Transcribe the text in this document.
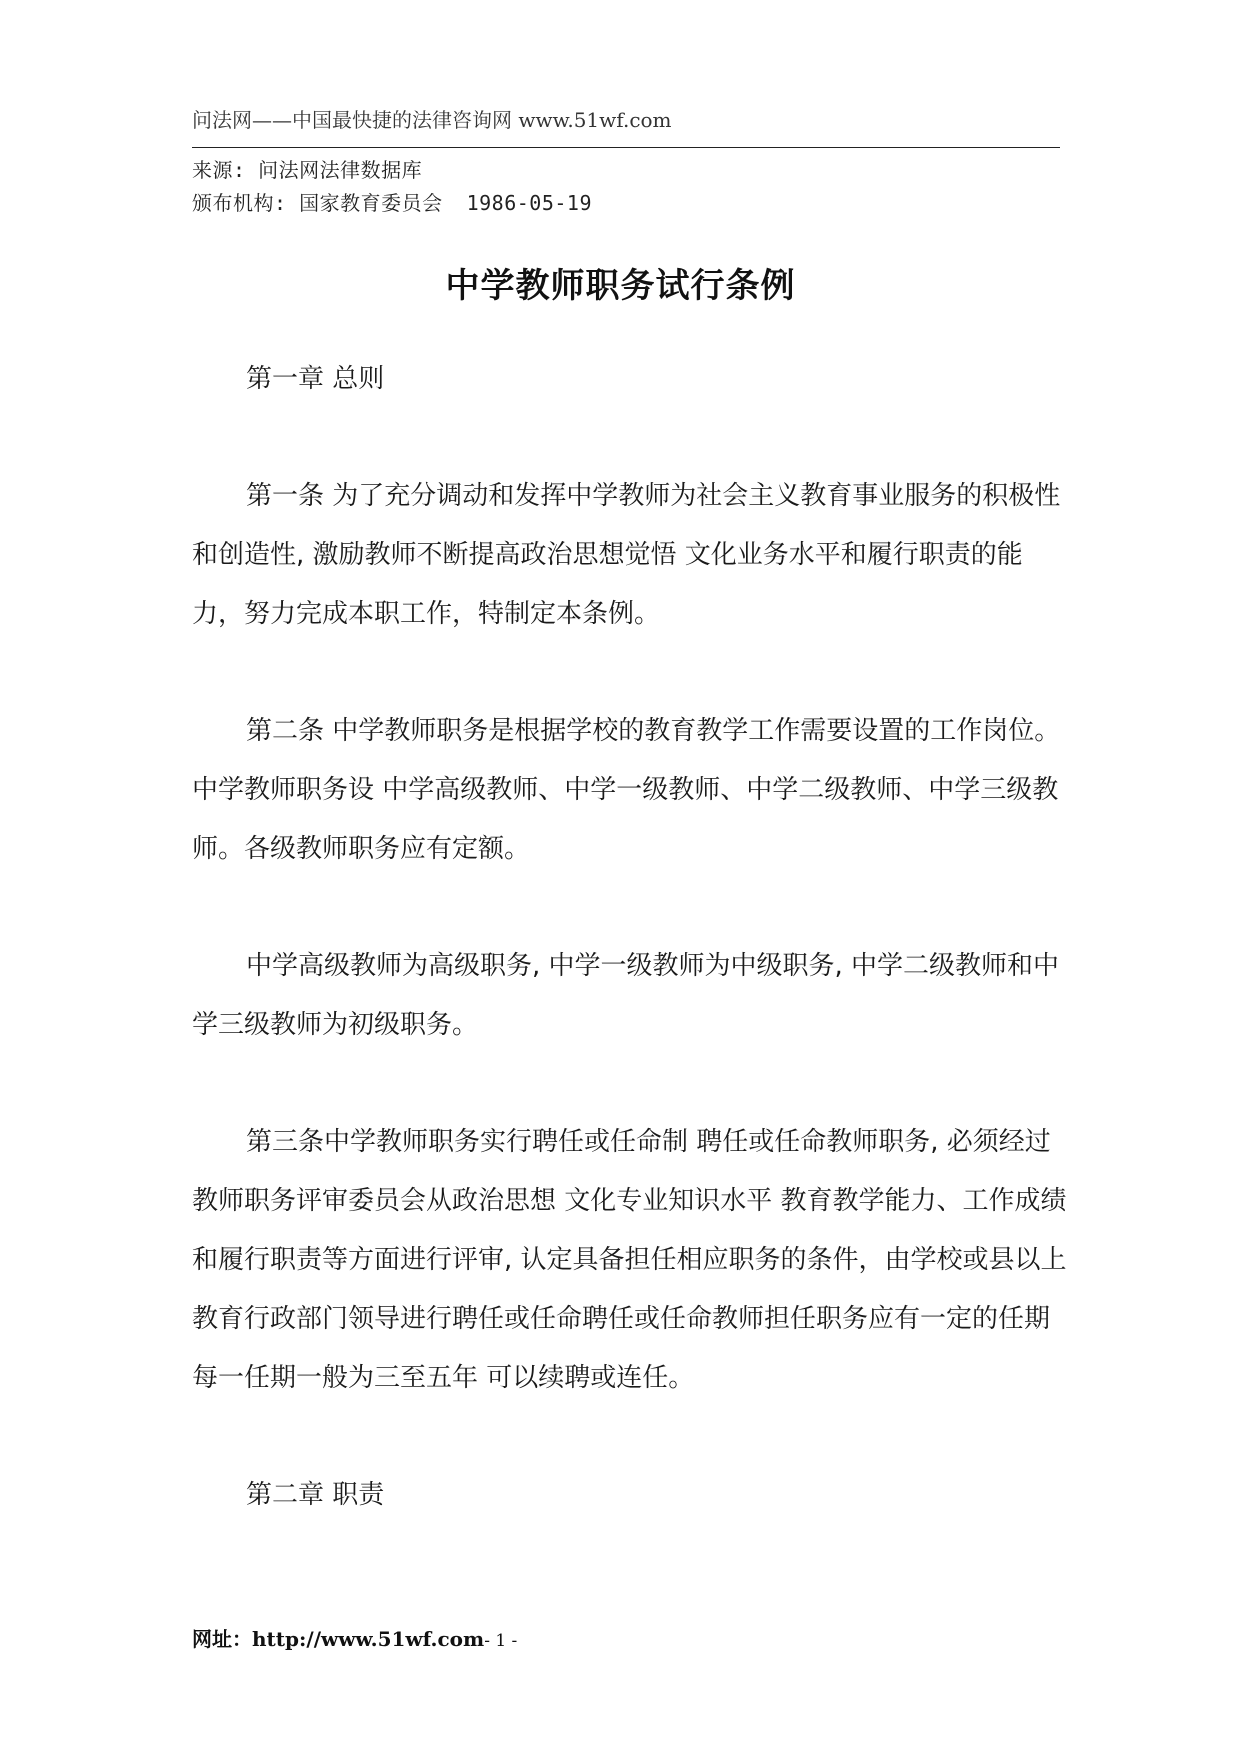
问法网——中国最快捷的法律咨询网 www.51wf.com
来源: 问法网法律数据库
颁布机构: 国家教育委员会 1986-05-19
中学教师职务试行条例

第一章 总则

第一条 为了充分调动和发挥中学教师为社会主义教育事业服务的积极性和创造性, 激励教师不断提高政治思想觉悟 文化业务水平和履行职责的能力，努力完成本职工作，特制定本条例。

第二条 中学教师职务是根据学校的教育教学工作需要设置的工作岗位。中学教师职务设 中学高级教师、中学一级教师、中学二级教师、中学三级教师。各级教师职务应有定额。

中学高级教师为高级职务, 中学一级教师为中级职务, 中学二级教师和中学三级教师为初级职务。

第三条中学教师职务实行聘任或任命制 聘任或任命教师职务, 必须经过教师职务评审委员会从政治思想 文化专业知识水平 教育教学能力、工作成绩和履行职责等方面进行评审, 认定具备担任相应职务的条件，由学校或县以上教育行政部门领导进行聘任或任命聘任或任命教师担任职务应有一定的任期 每一任期一般为三至五年 可以续聘或连任。

第二章 职责

网址：http://www.51wf.com- 1 -
